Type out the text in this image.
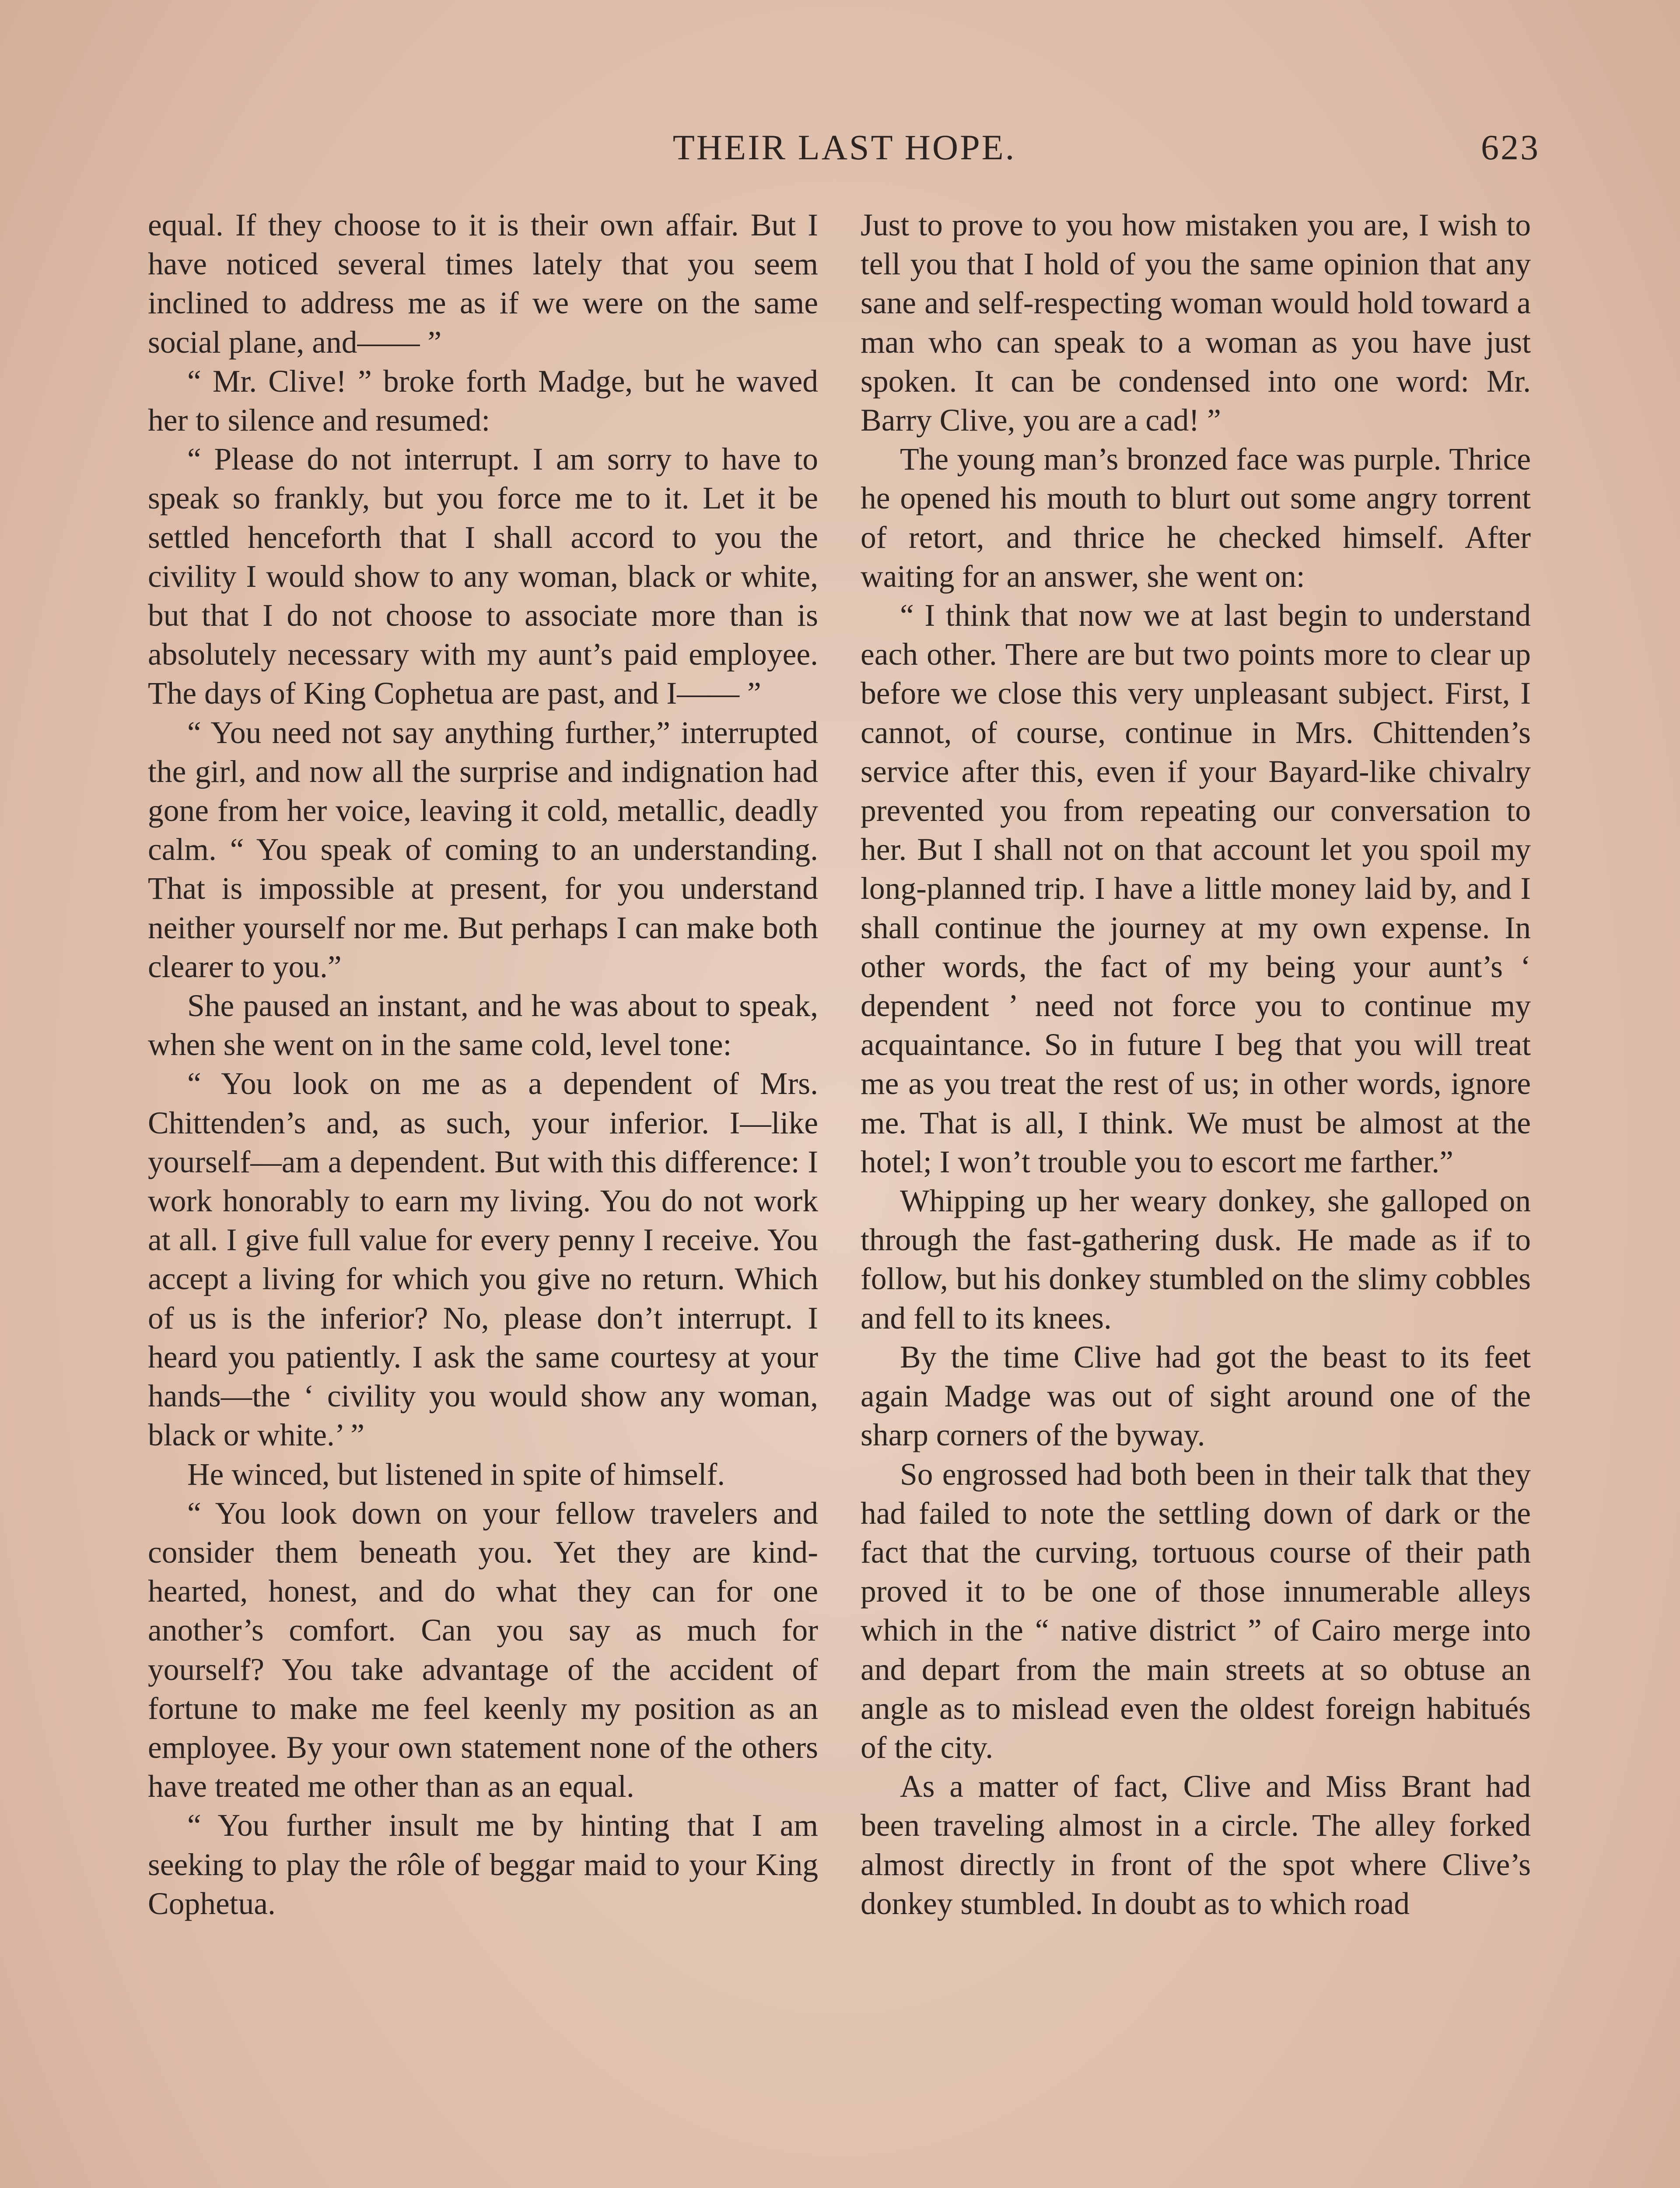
THEIR LAST HOPE.	623

equal. If they choose to it is their own affair. But I have noticed several times lately that you seem inclined to address me as if we were on the same social plane, and—— ”

“ Mr. Clive! ” broke forth Madge, but he waved her to silence and resumed:

“ Please do not interrupt. I am sorry to have to speak so frankly, but you force me to it. Let it be settled henceforth that I shall accord to you the civility I would show to any woman, black or white, but that I do not choose to associate more than is absolutely necessary with my aunt’s paid employee. The days of King Cophetua are past, and I—— ”

“ You need not say anything further,” interrupted the girl, and now all the surprise and indignation had gone from her voice, leaving it cold, metallic, deadly calm. “ You speak of coming to an understanding. That is impossible at present, for you understand neither yourself nor me. But perhaps I can make both clearer to you.”

She paused an instant, and he was about to speak, when she went on in the same cold, level tone:

“ You look on me as a dependent of Mrs. Chittenden’s and, as such, your inferior. I—like yourself—am a dependent. But with this difference: I work honorably to earn my living. You do not work at all. I give full value for every penny I receive. You accept a living for which you give no return. Which of us is the inferior? No, please don’t interrupt. I heard you patiently. I ask the same courtesy at your hands—the ‘ civility you would show any woman, black or white.’ ”

He winced, but listened in spite of himself.

“ You look down on your fellow travelers and consider them beneath you. Yet they are kind-hearted, honest, and do what they can for one another’s comfort. Can you say as much for yourself? You take advantage of the accident of fortune to make me feel keenly my position as an employee. By your own statement none of the others have treated me other than as an equal.

“ You further insult me by hinting that I am seeking to play the rôle of beggar maid to your King Cophetua.

Just to prove to you how mistaken you are, I wish to tell you that I hold of you the same opinion that any sane and self-respecting woman would hold toward a man who can speak to a woman as you have just spoken. It can be condensed into one word: Mr. Barry Clive, you are a cad! ”

The young man’s bronzed face was purple. Thrice he opened his mouth to blurt out some angry torrent of retort, and thrice he checked himself. After waiting for an answer, she went on:

“ I think that now we at last begin to understand each other. There are but two points more to clear up before we close this very unpleasant subject. First, I cannot, of course, continue in Mrs. Chittenden’s service after this, even if your Bayard-like chivalry prevented you from repeating our conversation to her. But I shall not on that account let you spoil my long-planned trip. I have a little money laid by, and I shall continue the journey at my own expense. In other words, the fact of my being your aunt’s ‘ dependent ’ need not force you to continue my acquaintance. So in future I beg that you will treat me as you treat the rest of us; in other words, ignore me. That is all, I think. We must be almost at the hotel; I won’t trouble you to escort me farther.”

Whipping up her weary donkey, she galloped on through the fast-gathering dusk. He made as if to follow, but his donkey stumbled on the slimy cobbles and fell to its knees.

By the time Clive had got the beast to its feet again Madge was out of sight around one of the sharp corners of the byway.

So engrossed had both been in their talk that they had failed to note the settling down of dark or the fact that the curving, tortuous course of their path proved it to be one of those innumerable alleys which in the “ native district ” of Cairo merge into and depart from the main streets at so obtuse an angle as to mislead even the oldest foreign habitués of the city.

As a matter of fact, Clive and Miss Brant had been traveling almost in a circle. The alley forked almost directly in front of the spot where Clive’s donkey stumbled. In doubt as to which road
